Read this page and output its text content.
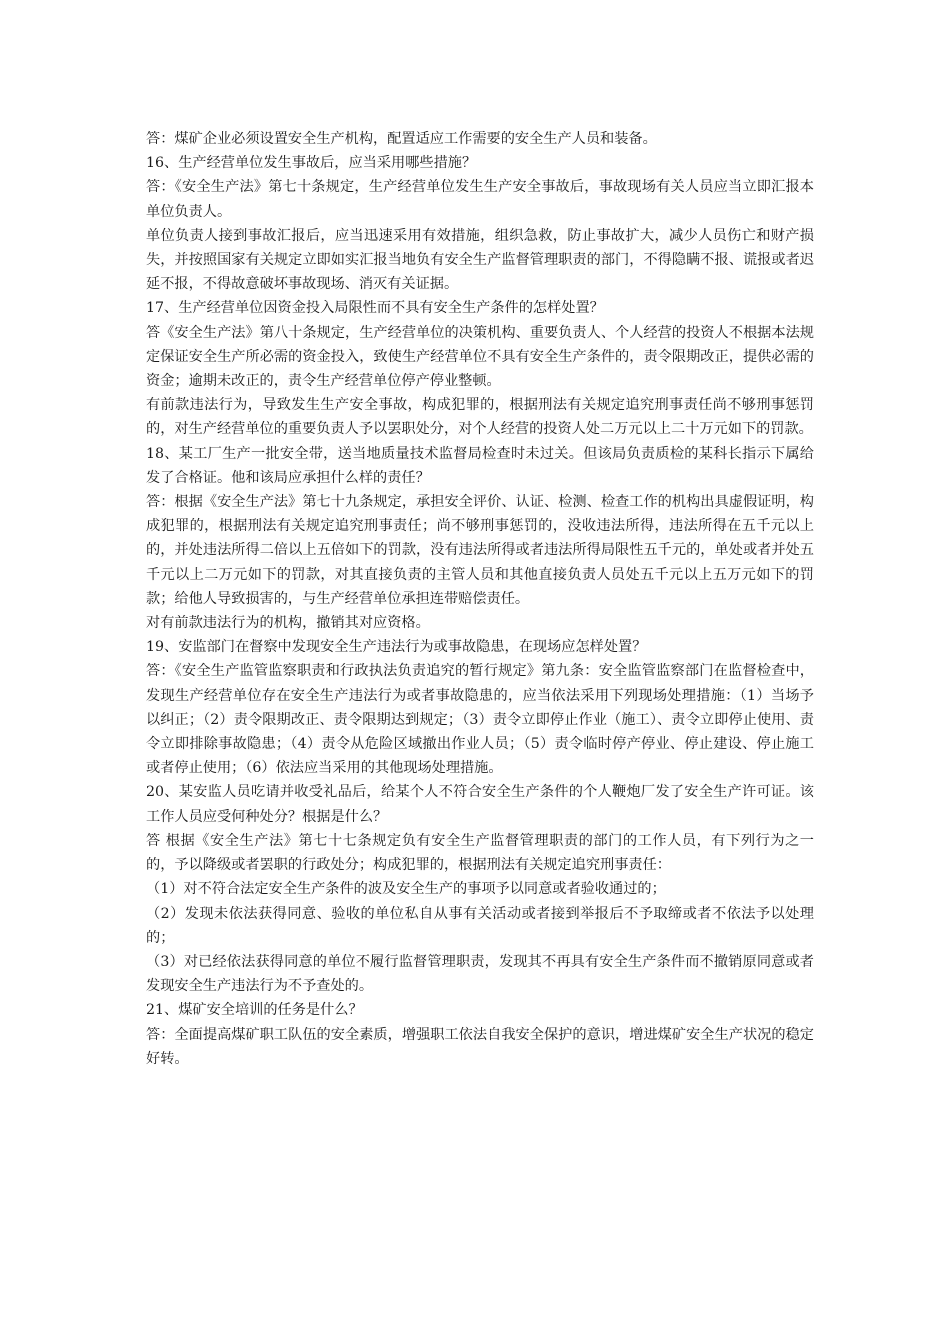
答：煤矿企业必须设置安全生产机构，配置适应工作需要的安全生产人员和装备。

16、生产经营单位发生事故后，应当采用哪些措施？

答：《安全生产法》第七十条规定，生产经营单位发生生产安全事故后，事故现场有关人员应当立即汇报本单位负责人。

单位负责人接到事故汇报后，应当迅速采用有效措施，组织急救，防止事故扩大，减少人员伤亡和财产损失，并按照国家有关规定立即如实汇报当地负有安全生产监督管理职责的部门，不得隐瞒不报、谎报或者迟延不报，不得故意破坏事故现场、消灭有关证据。

17、生产经营单位因资金投入局限性而不具有安全生产条件的怎样处置？

答《安全生产法》第八十条规定，生产经营单位的决策机构、重要负责人、个人经营的投资人不根据本法规定保证安全生产所必需的资金投入，致使生产经营单位不具有安全生产条件的，责令限期改正，提供必需的资金；逾期未改正的，责令生产经营单位停产停业整顿。

有前款违法行为，导致发生生产安全事故，构成犯罪的，根据刑法有关规定追究刑事责任尚不够刑事惩罚的，对生产经营单位的重要负责人予以罢职处分，对个人经营的投资人处二万元以上二十万元如下的罚款。

18、某工厂生产一批安全带，送当地质量技术监督局检查时未过关。但该局负责质检的某科长指示下属给发了合格证。他和该局应承担什么样的责任？

答：根据《安全生产法》第七十九条规定，承担安全评价、认证、检测、检查工作的机构出具虚假证明，构成犯罪的，根据刑法有关规定追究刑事责任；尚不够刑事惩罚的，没收违法所得，违法所得在五千元以上的，并处违法所得二倍以上五倍如下的罚款，没有违法所得或者违法所得局限性五千元的，单处或者并处五千元以上二万元如下的罚款，对其直接负责的主管人员和其他直接负责人员处五千元以上五万元如下的罚款；给他人导致损害的，与生产经营单位承担连带赔偿责任。

对有前款违法行为的机构，撤销其对应资格。

19、安监部门在督察中发现安全生产违法行为或事故隐患，在现场应怎样处置？

答：《安全生产监管监察职责和行政执法负责追究的暂行规定》第九条：安全监管监察部门在监督检查中，发现生产经营单位存在安全生产违法行为或者事故隐患的，应当依法采用下列现场处理措施：（1）当场予以纠正；（2）责令限期改正、责令限期达到规定；（3）责令立即停止作业（施工）、责令立即停止使用、责令立即排除事故隐患；（4）责令从危险区域撤出作业人员；（5）责令临时停产停业、停止建设、停止施工或者停止使用；（6）依法应当采用的其他现场处理措施。

20、某安监人员吃请并收受礼品后，给某个人不符合安全生产条件的个人鞭炮厂发了安全生产许可证。该工作人员应受何种处分？根据是什么？

答 根据《安全生产法》第七十七条规定负有安全生产监督管理职责的部门的工作人员，有下列行为之一的，予以降级或者罢职的行政处分；构成犯罪的，根据刑法有关规定追究刑事责任：

（1）对不符合法定安全生产条件的波及安全生产的事项予以同意或者验收通过的；

（2）发现未依法获得同意、验收的单位私自从事有关活动或者接到举报后不予取缔或者不依法予以处理的；

（3）对已经依法获得同意的单位不履行监督管理职责，发现其不再具有安全生产条件而不撤销原同意或者发现安全生产违法行为不予查处的。

21、煤矿安全培训的任务是什么？

答：全面提高煤矿职工队伍的安全素质，增强职工依法自我安全保护的意识，增进煤矿安全生产状况的稳定好转。
